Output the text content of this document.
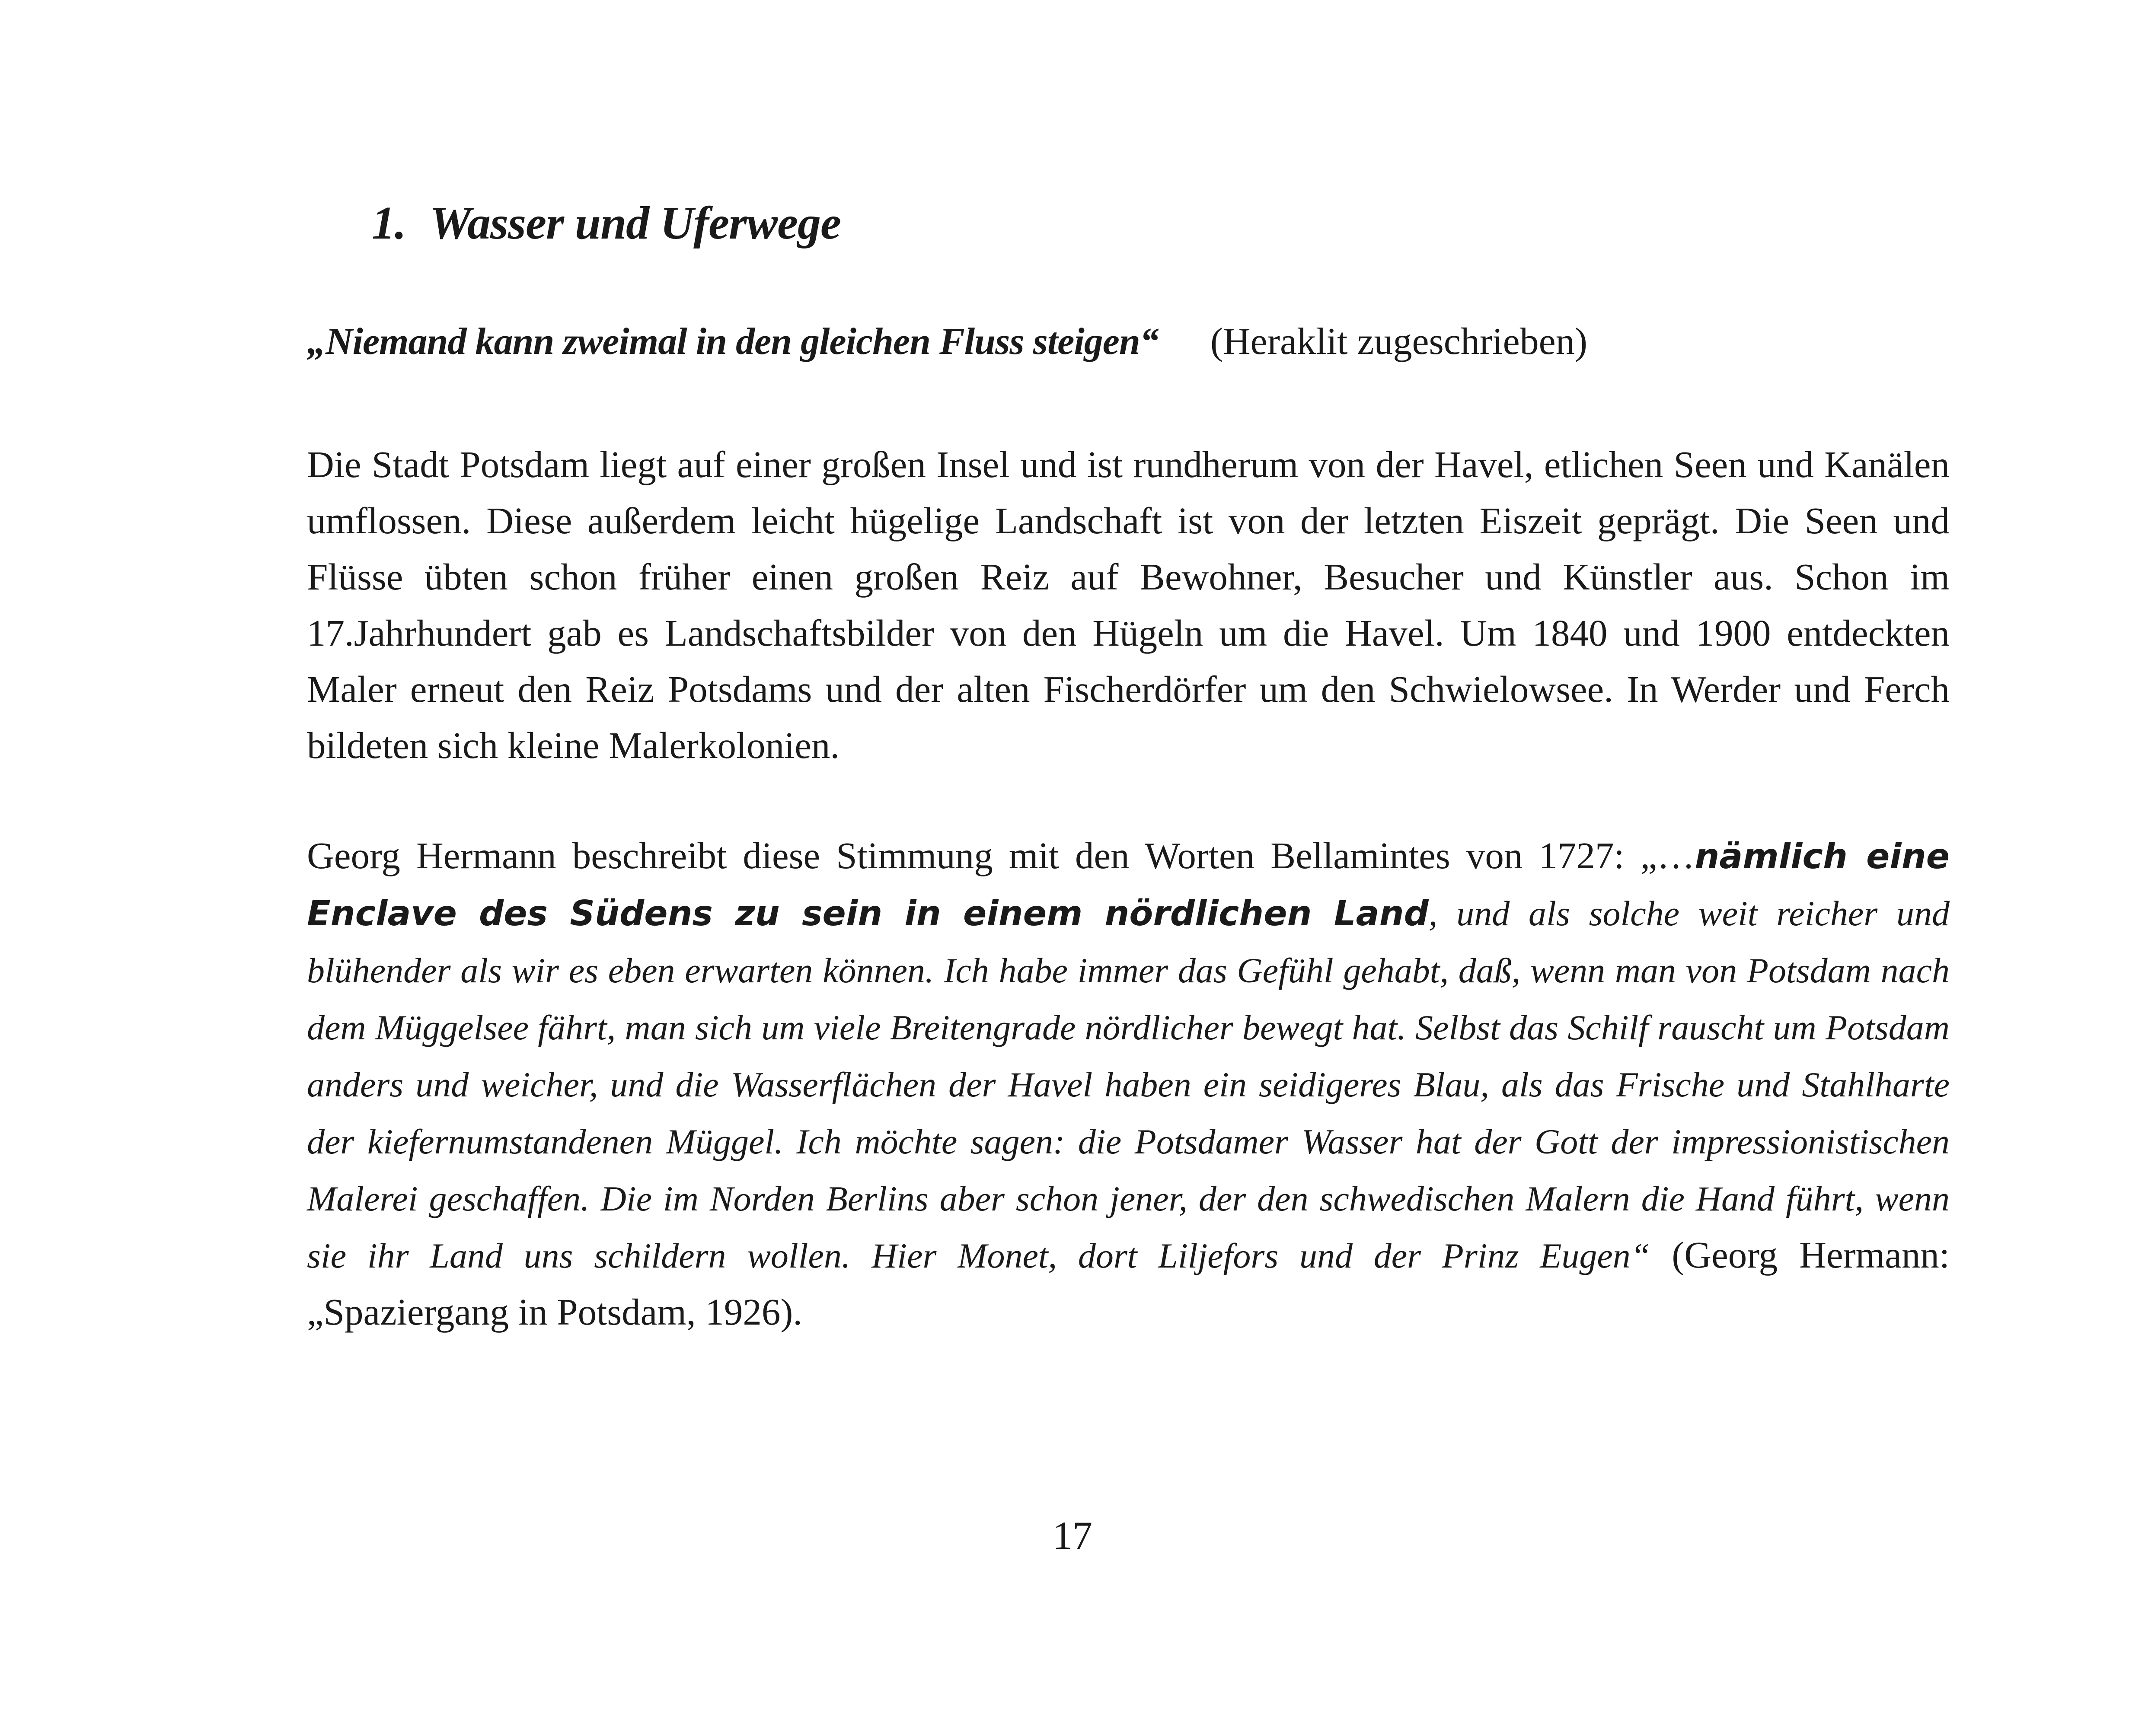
1. Wasser und Uferwege
„Niemand kann zweimal in den gleichen Fluss steigen“ (Heraklit zugeschrieben)

Die Stadt Potsdam liegt auf einer großen Insel und ist rundherum von der Havel, etlichen Seen und Kanälen umflossen. Diese außerdem leicht hügelige Landschaft ist von der letzten Eiszeit geprägt. Die Seen und Flüsse übten schon früher einen großen Reiz auf Bewohner, Besucher und Künstler aus. Schon im 17.Jahrhundert gab es Landschaftsbilder von den Hügeln um die Havel. Um 1840 und 1900 entdeckten Maler erneut den Reiz Potsdams und der alten Fischerdörfer um den Schwielowsee. In Werder und Ferch bildeten sich kleine Malerkolonien.

Georg Hermann beschreibt diese Stimmung mit den Worten Bellamintes von 1727: „…nämlich eine Enclave des Südens zu sein in einem nördlichen Land, und als solche weit reicher und blühender als wir es eben erwarten können. Ich habe immer das Gefühl gehabt, daß, wenn man von Potsdam nach dem Müggelsee fährt, man sich um viele Breitengrade nördlicher bewegt hat. Selbst das Schilf rauscht um Potsdam anders und weicher, und die Wasserflächen der Havel haben ein seidigeres Blau, als das Frische und Stahlharte der kiefernumstandenen Müggel. Ich möchte sagen: die Potsdamer Wasser hat der Gott der impressionistischen Malerei geschaffen. Die im Norden Berlins aber schon jener, der den schwedischen Malern die Hand führt, wenn sie ihr Land uns schildern wollen. Hier Monet, dort Liljefors und der Prinz Eugen“ (Georg Hermann: „Spaziergang in Potsdam, 1926).

17
